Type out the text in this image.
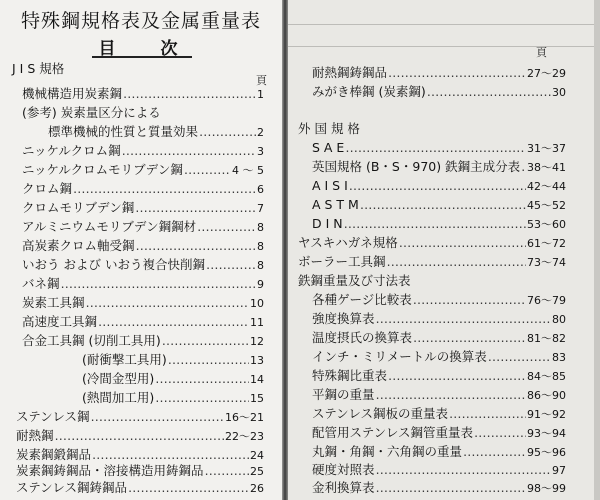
特殊鋼規格表及金属重量表
目　次
J I S 規格
頁
機械構造用炭素鋼 ………………………………………………………………………………	1
(参考) 炭素量区分による
標準機械的性質と質量効果 ………………………………………………………………………………	2
ニッケルクロム鋼 ………………………………………………………………………………	3
ニッケルクロムモリブデン鋼 ………………………………………………………………………………	4 ～ 5
クロム鋼 ………………………………………………………………………………	6
クロムモリブデン鋼 ………………………………………………………………………………	7
アルミニウムモリブデン鋼鋼材 ………………………………………………………………………………	8
高炭素クロム軸受鋼 ………………………………………………………………………………	8
いおう および いおう複合快削鋼 ………………………………………………………………………………	8
バネ鋼 ………………………………………………………………………………	9
炭素工具鋼 ………………………………………………………………………………	10
高速度工具鋼 ………………………………………………………………………………	11
合金工具鋼 (切削工具用) ………………………………………………………………………………	12
(耐衝撃工具用) ………………………………………………………………………………	13
(冷間金型用) ………………………………………………………………………………	14
(熱間加工用) ………………………………………………………………………………	15
ステンレス鋼 ………………………………………………………………………………	16～21
耐熱鋼 ………………………………………………………………………………	22～23
炭素鋼鍛鋼品 ………………………………………………………………………………	24
炭素鋼鋳鋼品・溶接構造用鋳鋼品 ………………………………………………………………………………	25
ステンレス鋼鋳鋼品 ………………………………………………………………………………	26
頁
耐熱鋼鋳鋼品 ………………………………………………………………………………	27～29
みがき棒鋼 (炭素鋼) ………………………………………………………………………………	30
外 国 規 格
S A E ………………………………………………………………………………	31～37
英国規格 (B・S・970) 鉄鋼主成分表 ……………………………………………………………………………… 38～41
A I S I ………………………………………………………………………………	42～44
A S T M ………………………………………………………………………………	45～52
D I N ………………………………………………………………………………	53～60
ヤスキハガネ規格 ………………………………………………………………………………	61～72
ボーラー工具鋼 ………………………………………………………………………………	73～74
鉄鋼重量及び寸法表
各種ゲージ比較表 ………………………………………………………………………………	76～79
強度換算表 ………………………………………………………………………………	80
温度摂氏の換算表 ………………………………………………………………………………	81～82
インチ・ミリメートルの換算表 ………………………………………………………………………………	83
特殊鋼比重表 ………………………………………………………………………………	84～85
平鋼の重量 ………………………………………………………………………………	86～90
ステンレス鋼板の重量表 ………………………………………………………………………………	91～92
配管用ステンレス鋼管重量表 ………………………………………………………………………………	93～94
丸鋼・角鋼・六角鋼の重量 ………………………………………………………………………………	95～96
硬度対照表 ………………………………………………………………………………	97
金利換算表 ………………………………………………………………………………	98～99
